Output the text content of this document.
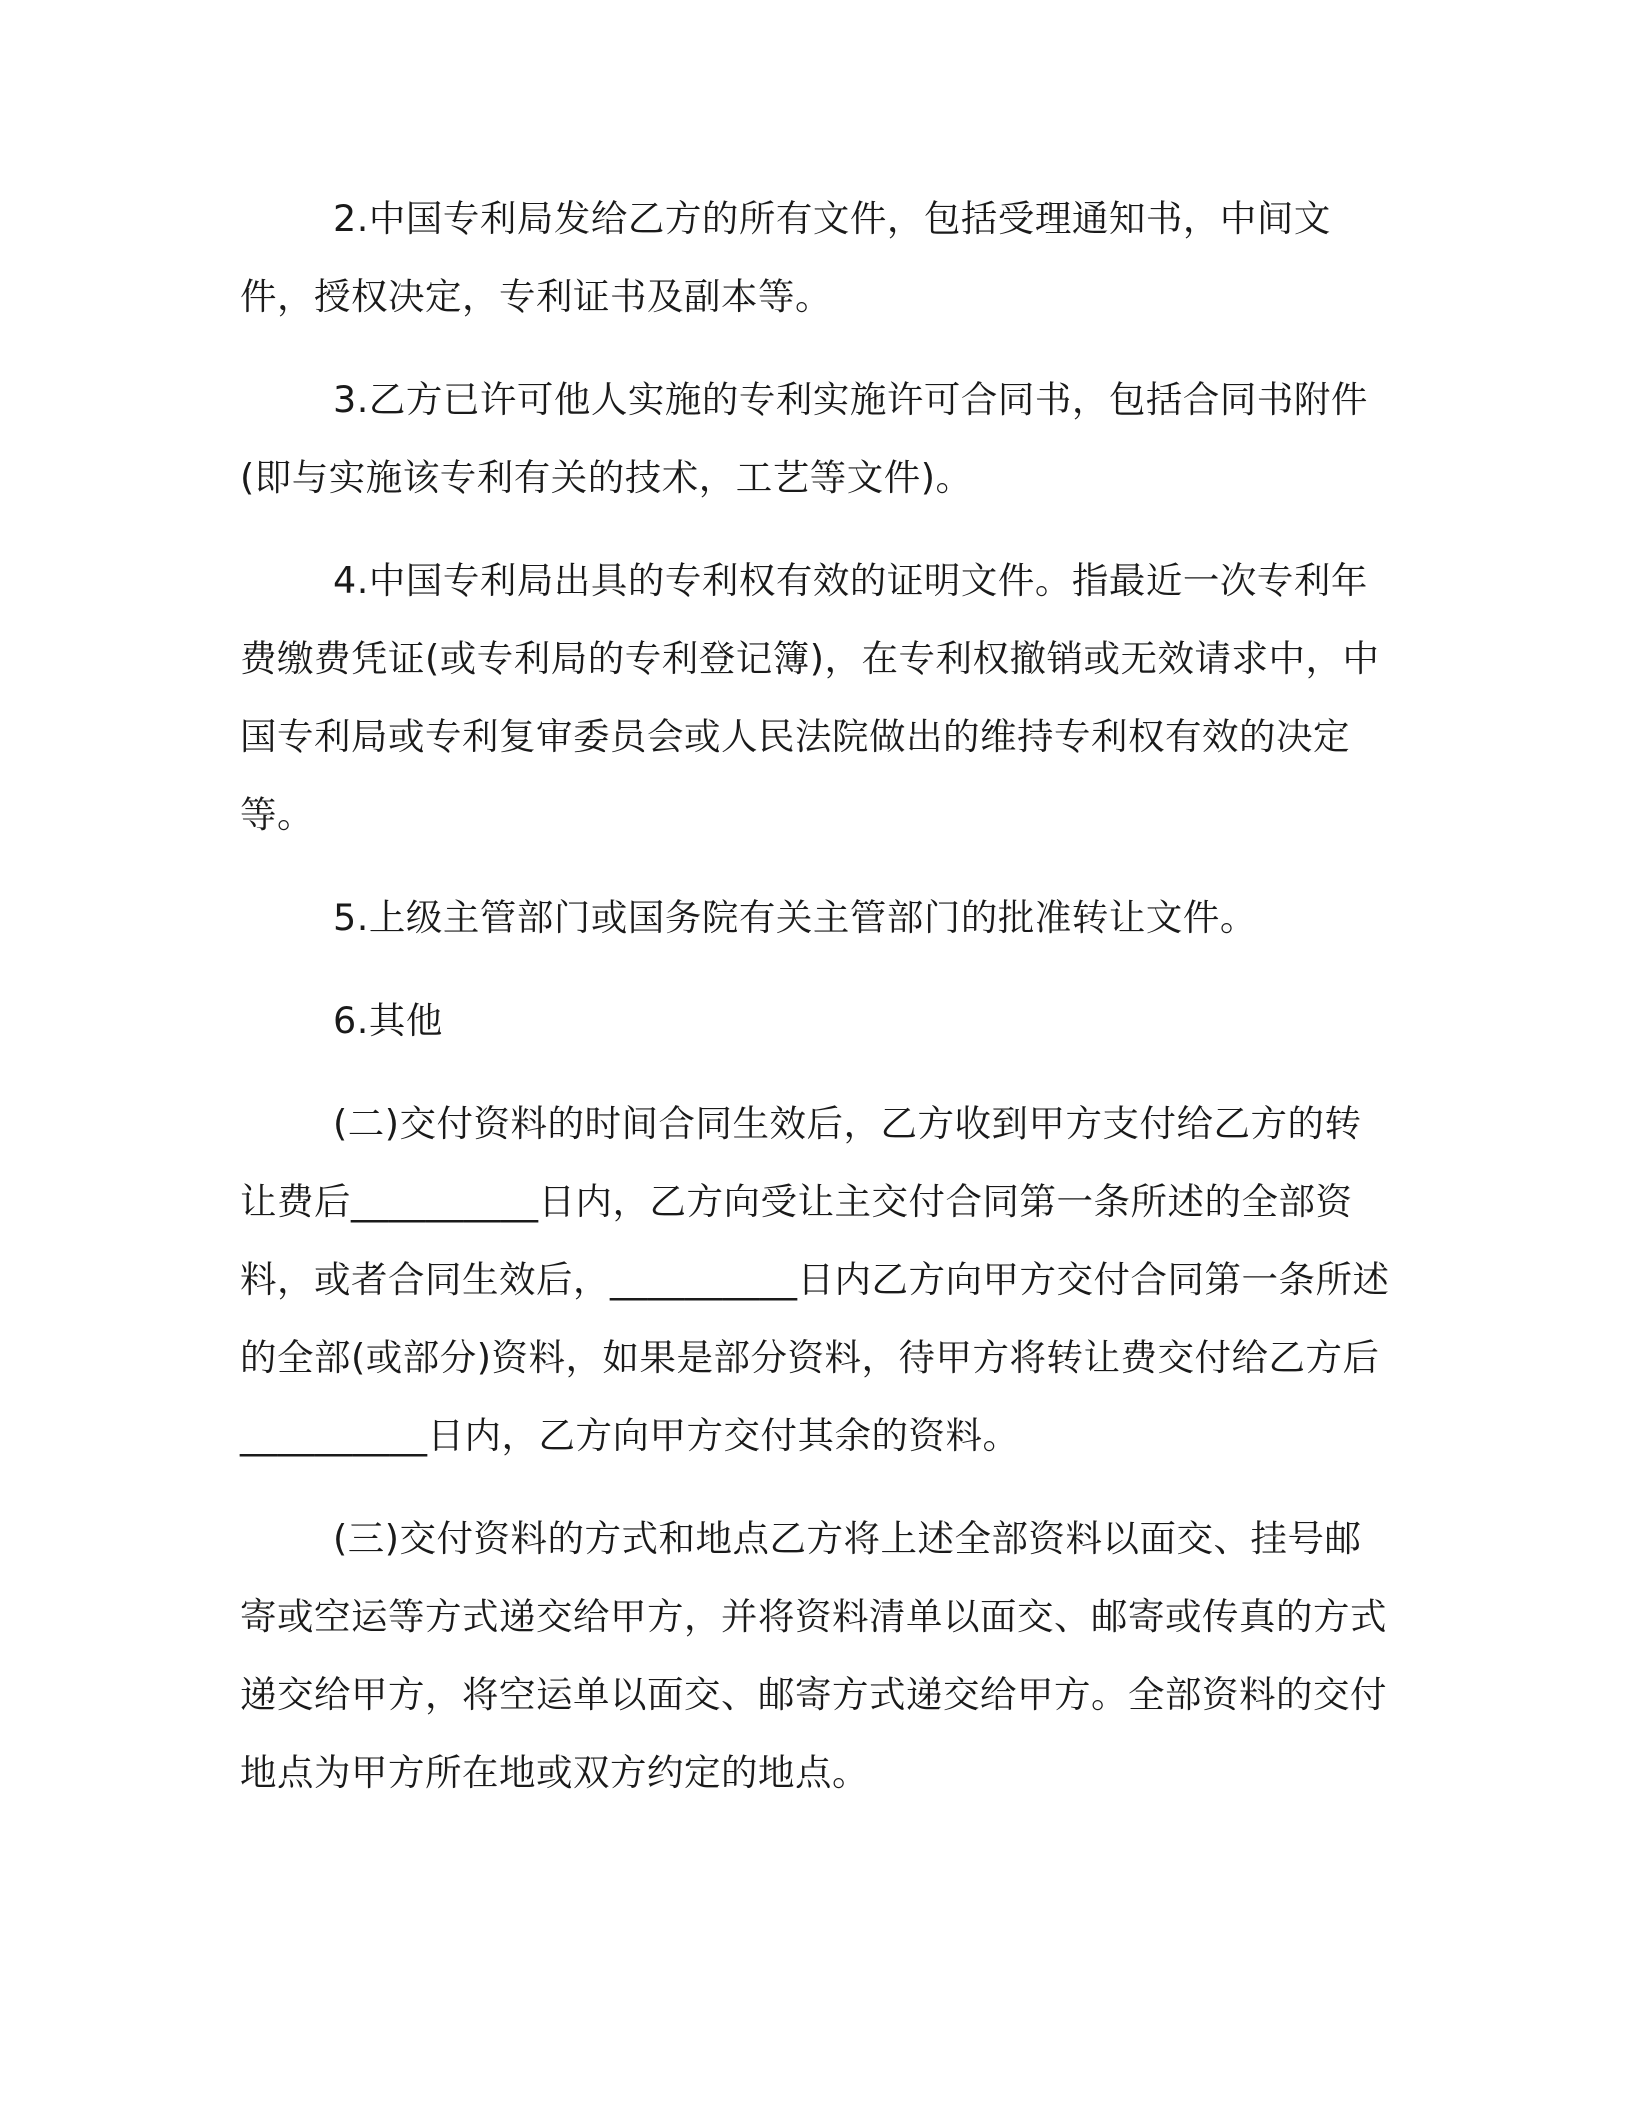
2.中国专利局发给乙方的所有文件，包括受理通知书，中间文件，授权决定，专利证书及副本等。

3.乙方已许可他人实施的专利实施许可合同书，包括合同书附件(即与实施该专利有关的技术，工艺等文件)。

4.中国专利局出具的专利权有效的证明文件。指最近一次专利年费缴费凭证(或专利局的专利登记簿)，在专利权撤销或无效请求中，中国专利局或专利复审委员会或人民法院做出的维持专利权有效的决定等。

5.上级主管部门或国务院有关主管部门的批准转让文件。

6.其他

(二)交付资料的时间合同生效后，乙方收到甲方支付给乙方的转让费后__________日内，乙方向受让主交付合同第一条所述的全部资料，或者合同生效后，__________日内乙方向甲方交付合同第一条所述的全部(或部分)资料，如果是部分资料，待甲方将转让费交付给乙方后__________日内，乙方向甲方交付其余的资料。

(三)交付资料的方式和地点乙方将上述全部资料以面交、挂号邮寄或空运等方式递交给甲方，并将资料清单以面交、邮寄或传真的方式递交给甲方，将空运单以面交、邮寄方式递交给甲方。全部资料的交付地点为甲方所在地或双方约定的地点。
